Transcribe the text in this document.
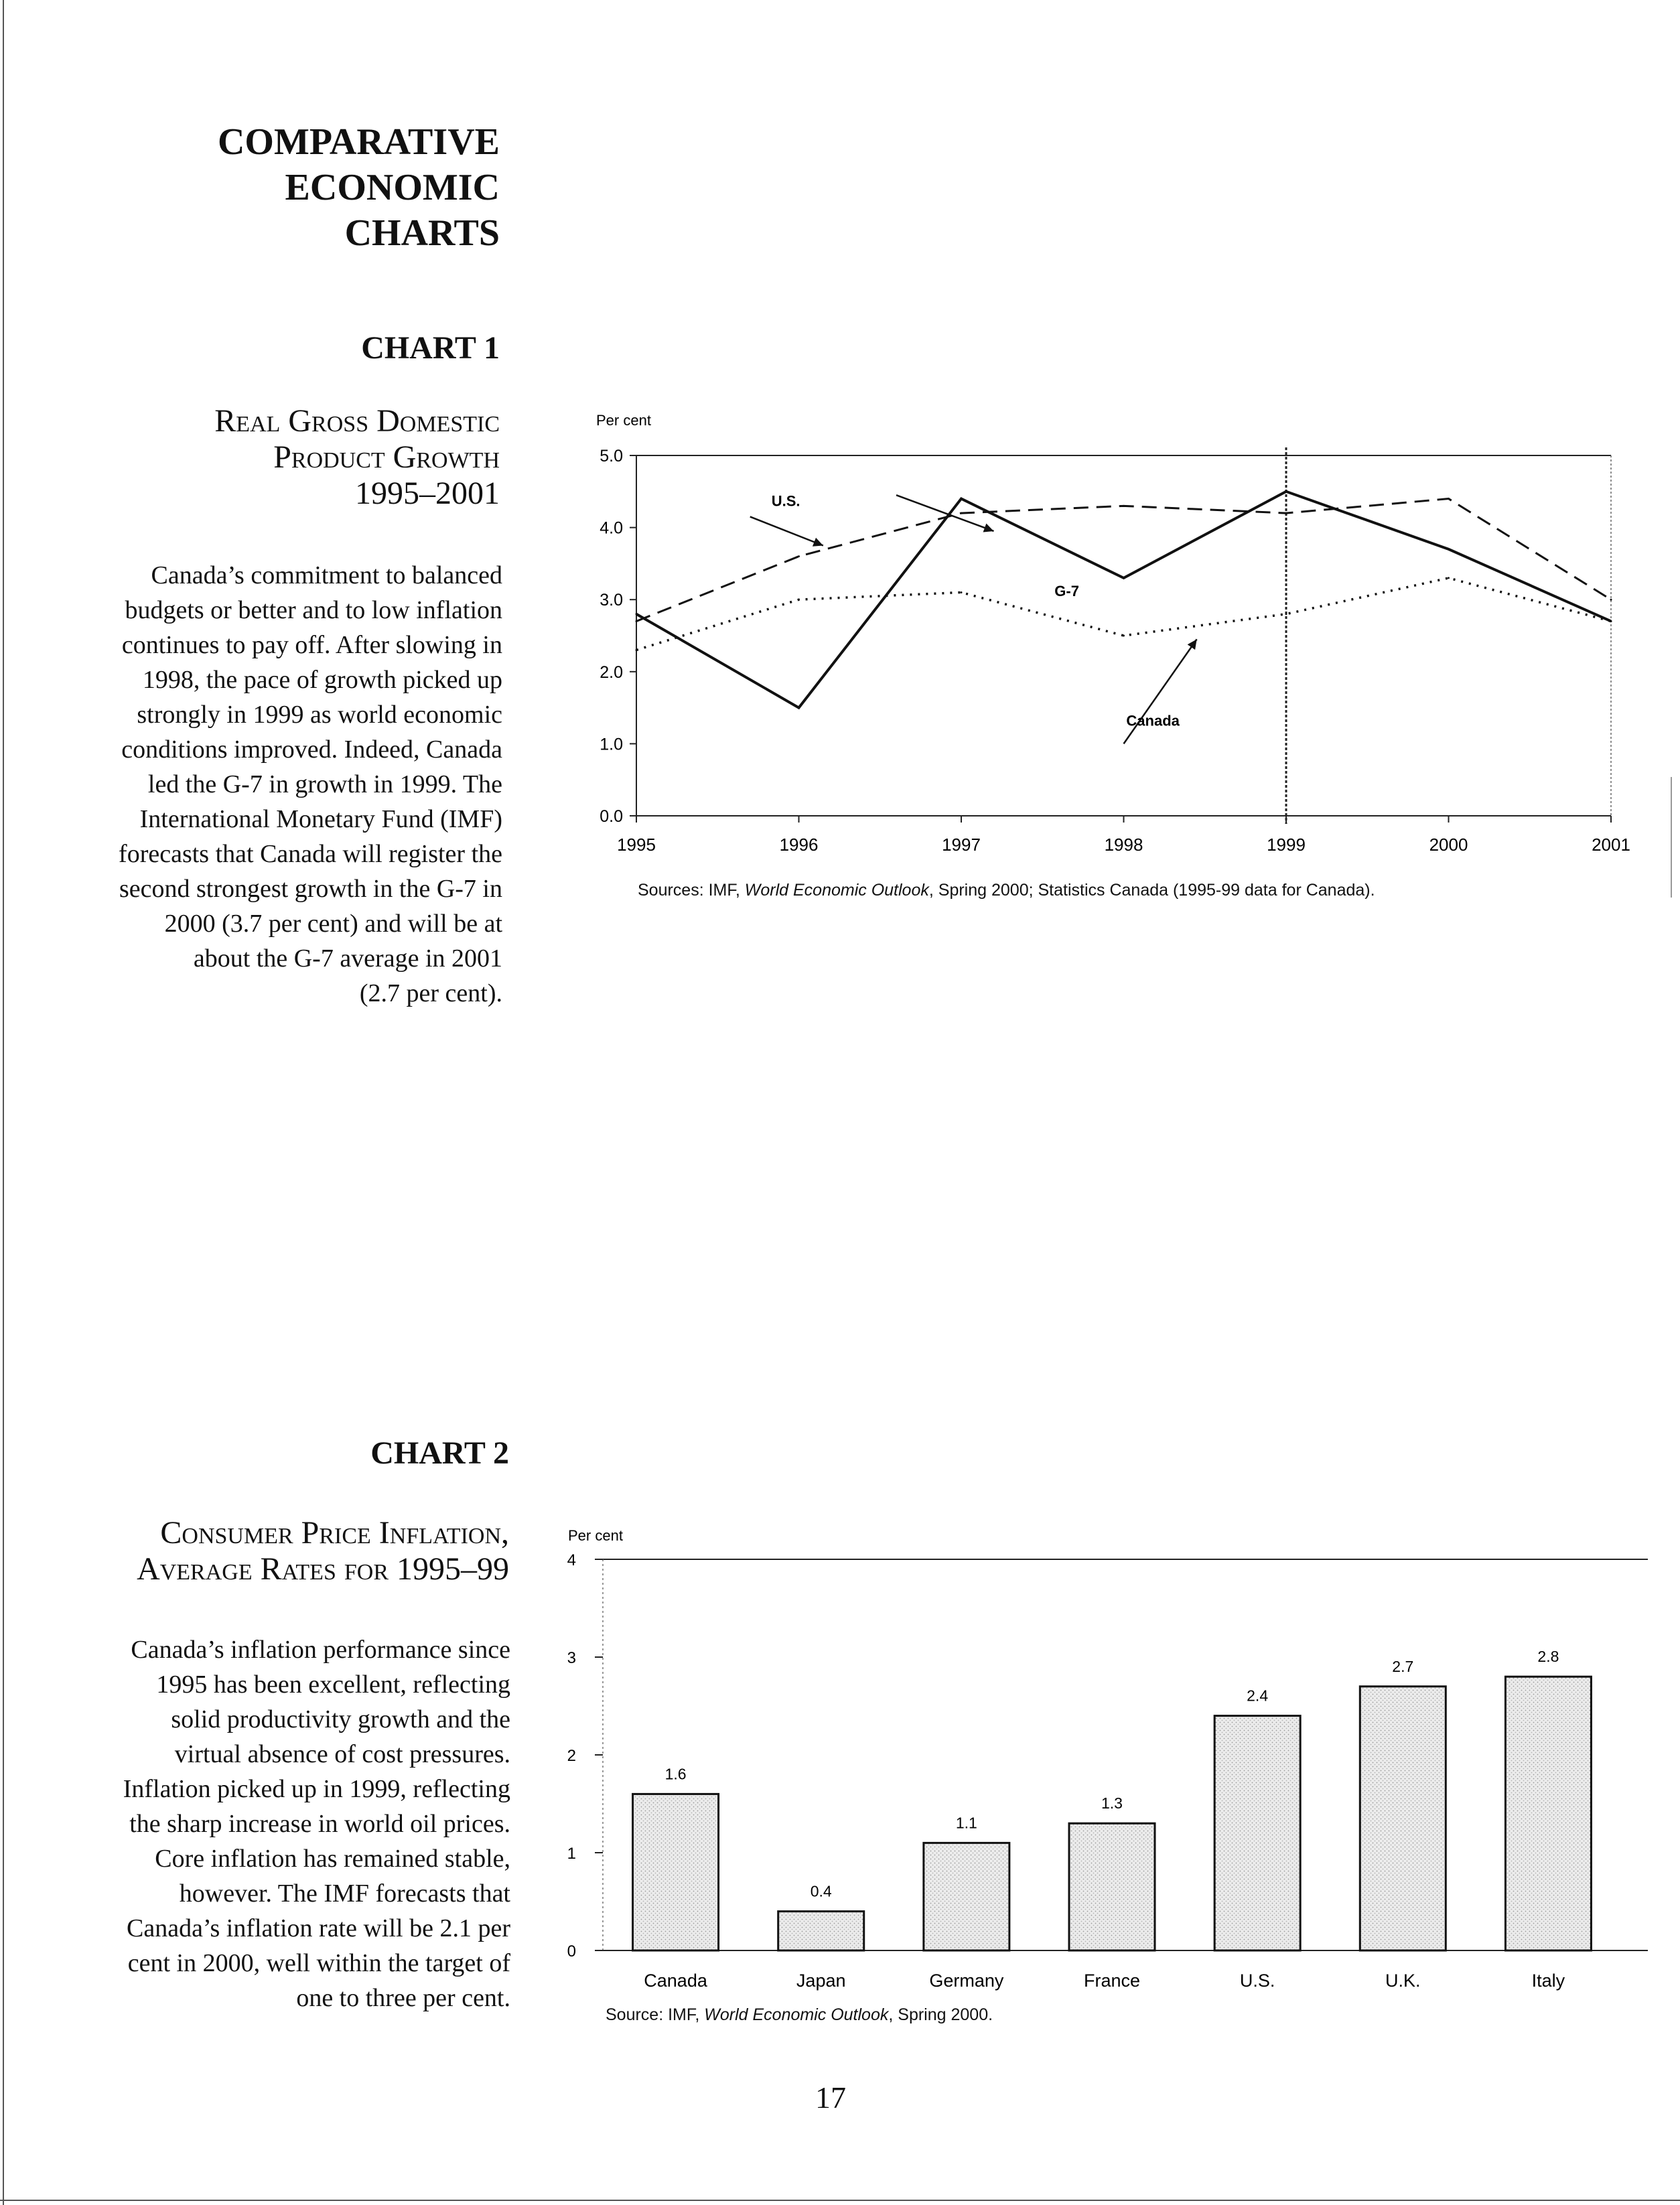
COMPARATIVE
ECONOMIC
CHARTS
CHART 1
Real Gross Domestic
Product Growth
1995–2001
Canada’s commitment to balanced
budgets or better and to low inflation
continues to pay off. After slowing in
1998, the pace of growth picked up
strongly in 1999 as world economic
conditions improved. Indeed, Canada
led the G-7 in growth in 1999. The
International Monetary Fund (IMF)
forecasts that Canada will register the
second strongest growth in the G-7 in
2000 (3.7 per cent) and will be at
about the G-7 average in 2001
(2.7 per cent).
Per cent
0.0
1.0
2.0
3.0
4.0
5.0
1995	1996	1997	1998	1999	2000	2001
G-7
U.S.
Canada
Sources: IMF, World Economic Outlook, Spring 2000; Statistics Canada (1995-99 data for Canada).
CHART 2
Consumer Price Inflation,
Average Rates for 1995–99
Canada’s inflation performance since
1995 has been excellent, reflecting
solid productivity growth and the
virtual absence of cost pressures.
Inflation picked up in 1999, reflecting
the sharp increase in world oil prices.
Core inflation has remained stable,
however. The IMF forecasts that
Canada’s inflation rate will be 2.1 per
cent in 2000, well within the target of
one to three per cent.
Per cent
0
1
2
3
4
1.6
Canada
0.4
Japan
1.1
Germany
1.3
France
2.4
U.S.
2.7
U.K.
2.8
Italy
Source: IMF, World Economic Outlook, Spring 2000.
17
